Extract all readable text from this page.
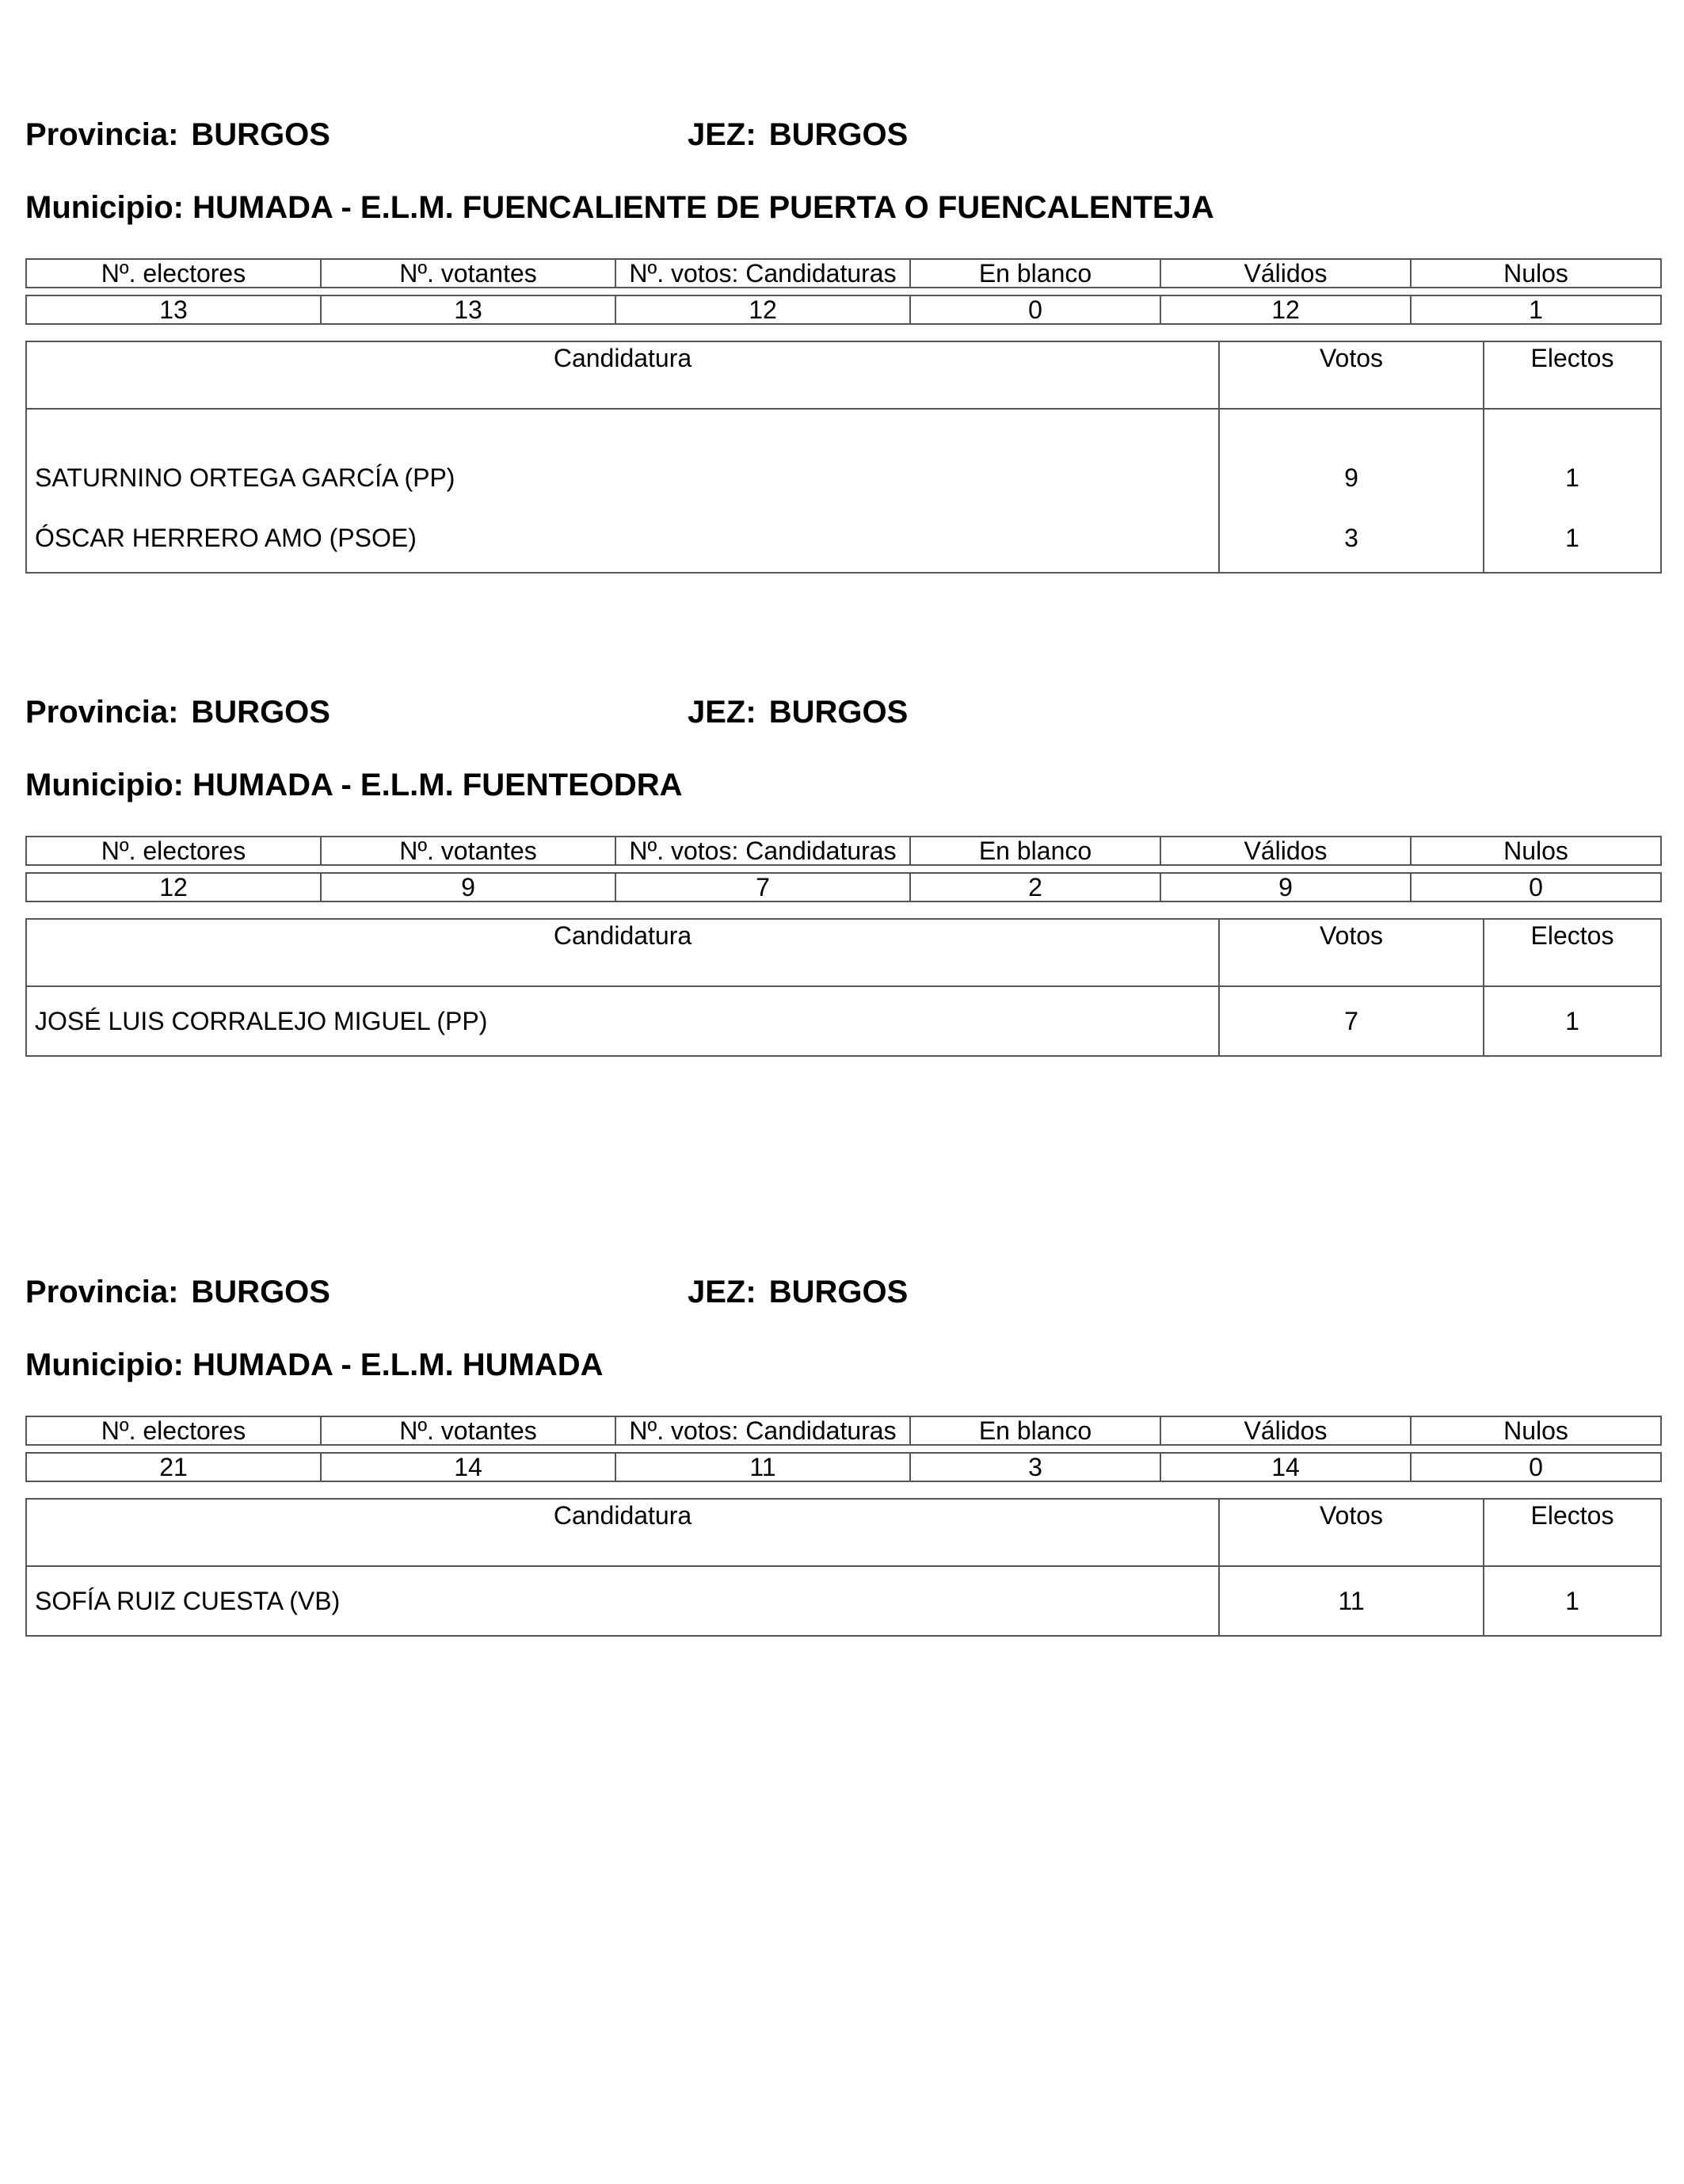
Provincia: BURGOS	JEZ: BURGOS
Municipio: HUMADA - E.L.M. FUENCALIENTE DE PUERTA O FUENCALENTEJA
Nº. electores	Nº. votantes	Nº. votos: Candidaturas	En blanco	Válidos	Nulos

13	13	12	0	12	1
Candidatura	Votos	Electos
SATURNINO ORTEGA GARCÍA (PP)	9	1
ÓSCAR HERRERO AMO (PSOE)	3	1
Provincia: BURGOS	JEZ: BURGOS
Municipio: HUMADA - E.L.M. FUENTEODRA
Nº. electores	Nº. votantes	Nº. votos: Candidaturas	En blanco	Válidos	Nulos

12	9	7	2	9	0
Candidatura	Votos	Electos
JOSÉ LUIS CORRALEJO MIGUEL (PP)	7	1
Provincia: BURGOS	JEZ: BURGOS
Municipio: HUMADA - E.L.M. HUMADA
Nº. electores	Nº. votantes	Nº. votos: Candidaturas	En blanco	Válidos	Nulos

21	14	11	3	14	0
Candidatura	Votos	Electos
SOFÍA RUIZ CUESTA (VB)	11	1
